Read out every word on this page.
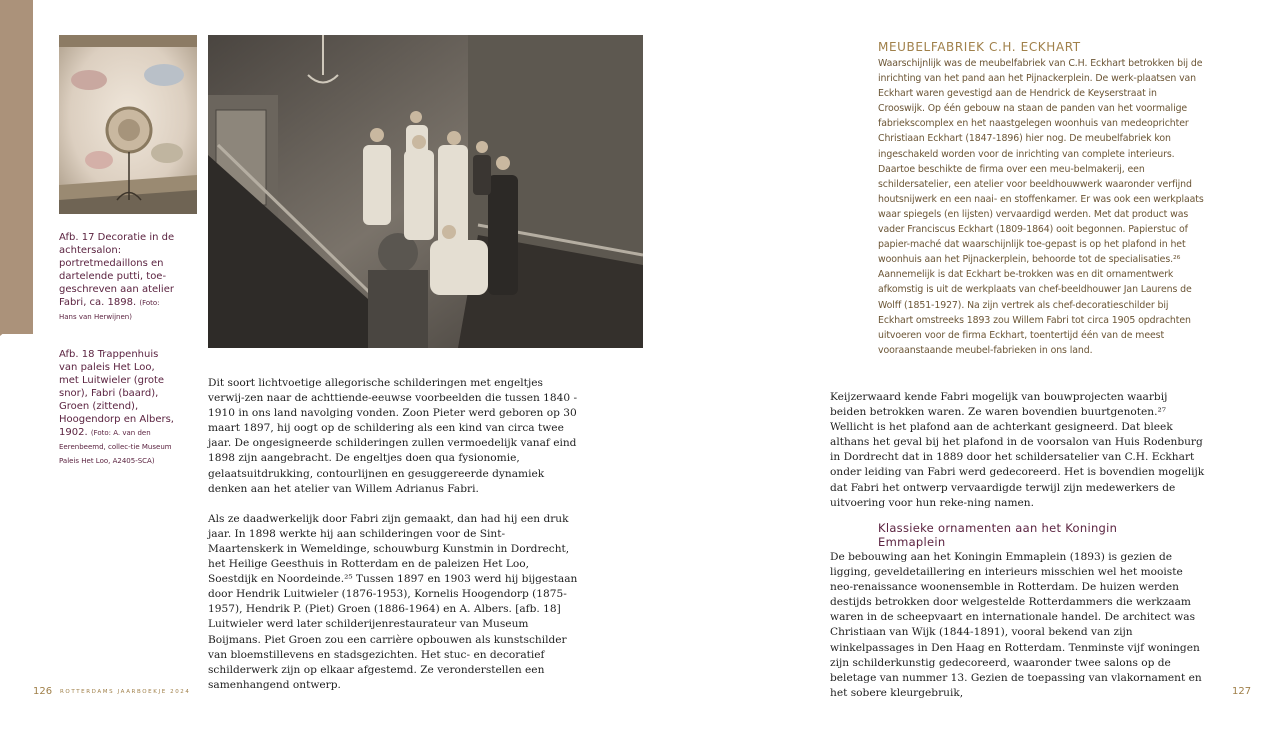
Afb. 17 Decoratie in de achtersalon: portretmedaillons en dartelende putti, toe-geschreven aan atelier Fabri, ca. 1898. (Foto: Hans van Herwijnen)
Afb. 18 Trappenhuis van paleis Het Loo, met Luitwieler (grote snor), Fabri (baard), Groen (zittend), Hoogendorp en Albers, 1902. (Foto: A. van den Eerenbeemd, collec-tie Museum Paleis Het Loo, A2405-SCA)

Dit soort lichtvoetige allegorische schilderingen met engeltjes verwij-zen naar de achttiende-eeuwse voorbeelden die tussen 1840 - 1910 in ons land navolging vonden. Zoon Pieter werd geboren op 30 maart 1897, hij oogt op de schildering als een kind van circa twee jaar. De ongesigneerde schilderingen zullen vermoedelijk vanaf eind 1898 zijn aangebracht. De engeltjes doen qua fysionomie, gelaatsuitdrukking, contourlijnen en gesuggereerde dynamiek denken aan het atelier van Willem Adrianus Fabri.

Als ze daadwerkelijk door Fabri zijn gemaakt, dan had hij een druk jaar. In 1898 werkte hij aan schilderingen voor de Sint-Maartenskerk in Wemeldinge, schouwburg Kunstmin in Dordrecht, het Heilige Geesthuis in Rotterdam en de paleizen Het Loo, Soestdijk en Noordeinde.²⁵ Tussen 1897 en 1903 werd hij bijgestaan door Hendrik Luitwieler (1876-1953), Kornelis Hoogendorp (1875-1957), Hendrik P. (Piet) Groen (1886-1964) en A. Albers. [afb. 18] Luitwieler werd later schilderijenrestaurateur van Museum Boijmans. Piet Groen zou een carrière opbouwen als kunstschilder van bloemstillevens en stadsgezichten. Het stuc- en decoratief schilderwerk zijn op elkaar afgestemd. Ze veronderstellen een samenhangend ontwerp.

MEUBELFABRIEK C.H. ECKHART
Waarschijnlijk was de meubelfabriek van C.H. Eckhart betrokken bij de inrichting van het pand aan het Pijnackerplein. De werk-plaatsen van Eckhart waren gevestigd aan de Hendrick de Keyserstraat in Crooswijk. Op één gebouw na staan de panden van het voormalige fabriekscomplex en het naastgelegen woonhuis van medeoprichter Christiaan Eckhart (1847-1896) hier nog. De meubelfabriek kon ingeschakeld worden voor de inrichting van complete interieurs. Daartoe beschikte de firma over een meu-belmakerij, een schildersatelier, een atelier voor beeldhouwwerk waaronder verfijnd houtsnijwerk en een naai- en stoffenkamer. Er was ook een werkplaats waar spiegels (en lijsten) vervaardigd werden. Met dat product was vader Franciscus Eckhart (1809-1864) ooit begonnen. Papierstuc of papier-maché dat waarschijnlijk toe-gepast is op het plafond in het woonhuis aan het Pijnackerplein, behoorde tot de specialisaties.²⁶ Aannemelijk is dat Eckhart be-trokken was en dit ornamentwerk afkomstig is uit de werkplaats van chef-beeldhouwer Jan Laurens de Wolff (1851-1927). Na zijn vertrek als chef-decoratieschilder bij Eckhart omstreeks 1893 zou Willem Fabri tot circa 1905 opdrachten uitvoeren voor de firma Eckhart, toentertijd één van de meest vooraanstaande meubel-fabrieken in ons land.

Keijzerwaard kende Fabri mogelijk van bouwprojecten waarbij beiden betrokken waren. Ze waren bovendien buurtgenoten.²⁷ Wellicht is het plafond aan de achterkant gesigneerd. Dat bleek althans het geval bij het plafond in de voorsalon van Huis Rodenburg in Dordrecht dat in 1889 door het schildersatelier van C.H. Eckhart onder leiding van Fabri werd gedecoreerd. Het is bovendien mogelijk dat Fabri het ontwerp vervaardigde terwijl zijn medewerkers de uitvoering voor hun reke-ning namen.

Klassieke ornamenten aan het Koningin Emmaplein

De bebouwing aan het Koningin Emmaplein (1893) is gezien de ligging, geveldetaillering en interieurs misschien wel het mooiste neo-renaissance woonensemble in Rotterdam. De huizen werden destijds betrokken door welgestelde Rotterdammers die werkzaam waren in de scheepvaart en internationale handel. De architect was Christiaan van Wijk (1844-1891), vooral bekend van zijn winkelpassages in Den Haag en Rotterdam. Tenminste vijf woningen zijn schilderkunstig gedecoreerd, waaronder twee salons op de beletage van nummer 13. Gezien de toepassing van vlakornament en het sobere kleurgebruik,

126 ROTTERDAMS JAARBOEKJE 2024	127
